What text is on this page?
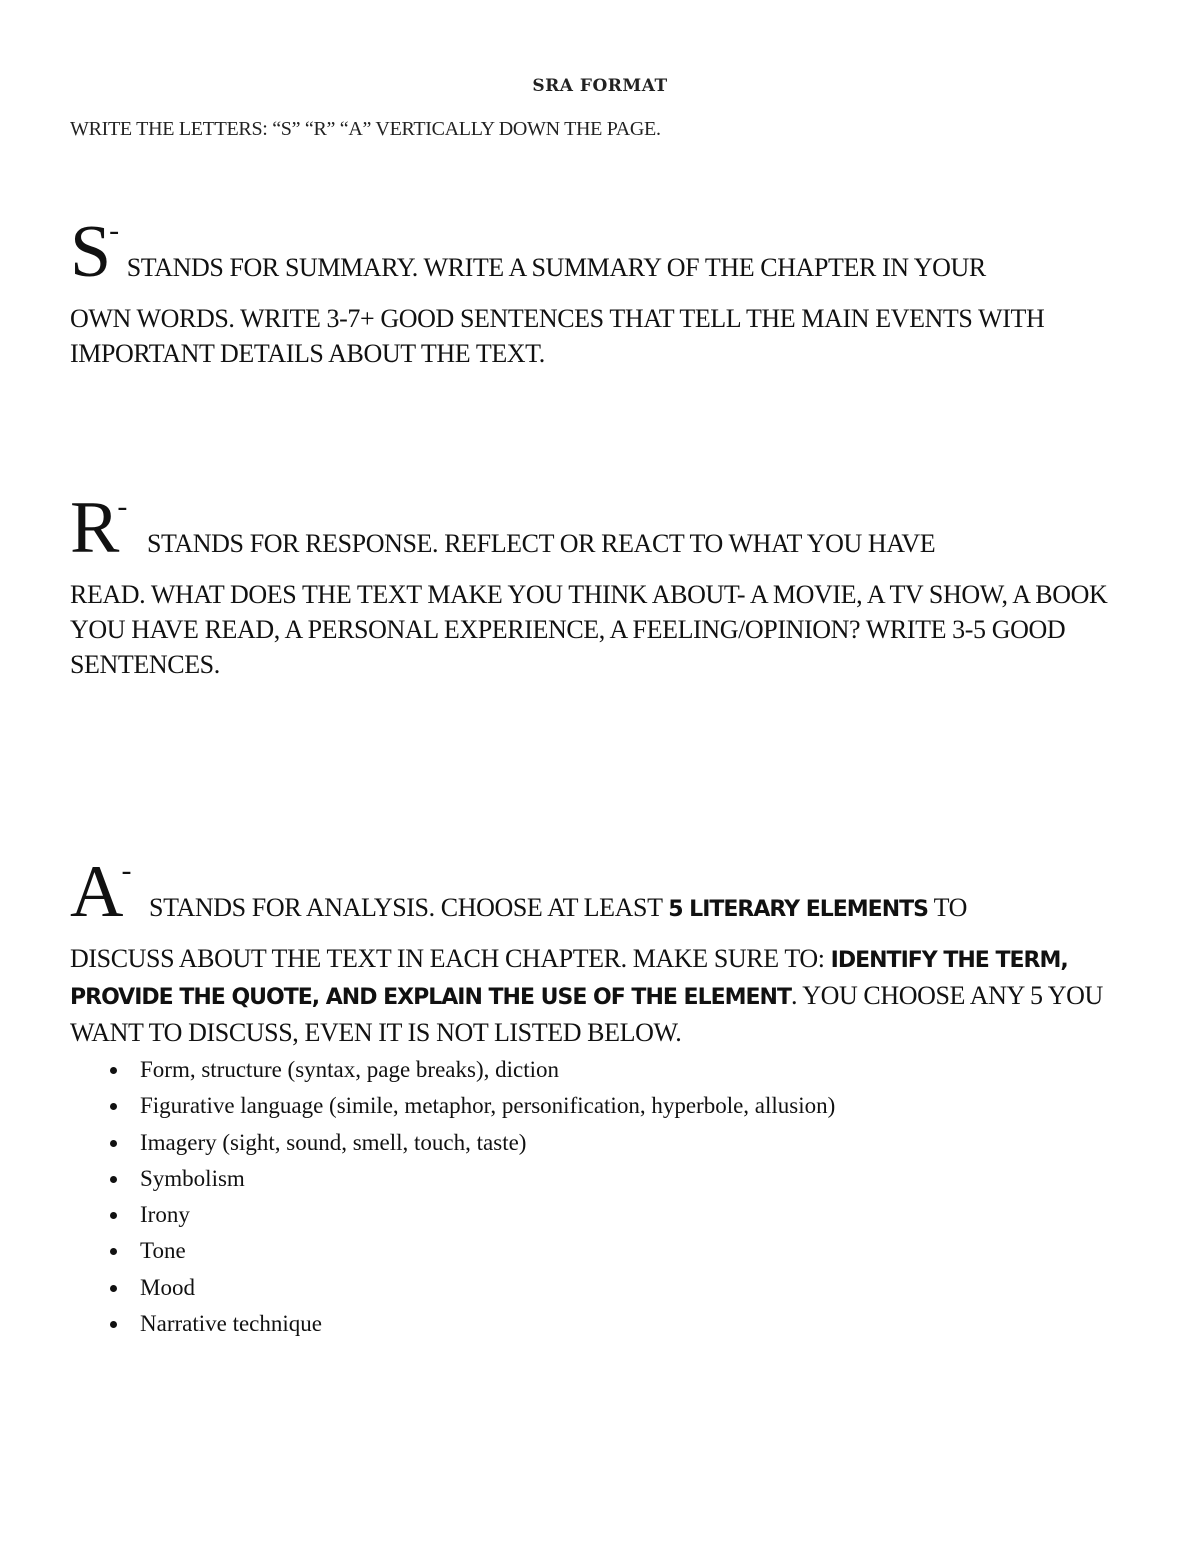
SRA FORMAT
WRITE THE LETTERS: “S” “R” “A” VERTICALLY DOWN THE PAGE.
S-STANDS FOR SUMMARY. WRITE A SUMMARY OF THE CHAPTER IN YOUR
OWN WORDS. WRITE 3-7+ GOOD SENTENCES THAT TELL THE MAIN EVENTS WITH IMPORTANT DETAILS ABOUT THE TEXT.
R-STANDS FOR RESPONSE. REFLECT OR REACT TO WHAT YOU HAVE
READ. WHAT DOES THE TEXT MAKE YOU THINK ABOUT- A MOVIE, A TV SHOW, A BOOK YOU HAVE READ, A PERSONAL EXPERIENCE, A FEELING/OPINION? WRITE 3-5 GOOD SENTENCES.
A-STANDS FOR ANALYSIS. CHOOSE AT LEAST 5 LITERARY ELEMENTS TO
DISCUSS ABOUT THE TEXT IN EACH CHAPTER. MAKE SURE TO: IDENTIFY THE TERM, PROVIDE THE QUOTE, AND EXPLAIN THE USE OF THE ELEMENT. YOU CHOOSE ANY 5 YOU WANT TO DISCUSS, EVEN IT IS NOT LISTED BELOW.
Form, structure (syntax, page breaks), diction
Figurative language (simile, metaphor, personification, hyperbole, allusion)
Imagery (sight, sound, smell, touch, taste)
Symbolism
Irony
Tone
Mood
Narrative technique
